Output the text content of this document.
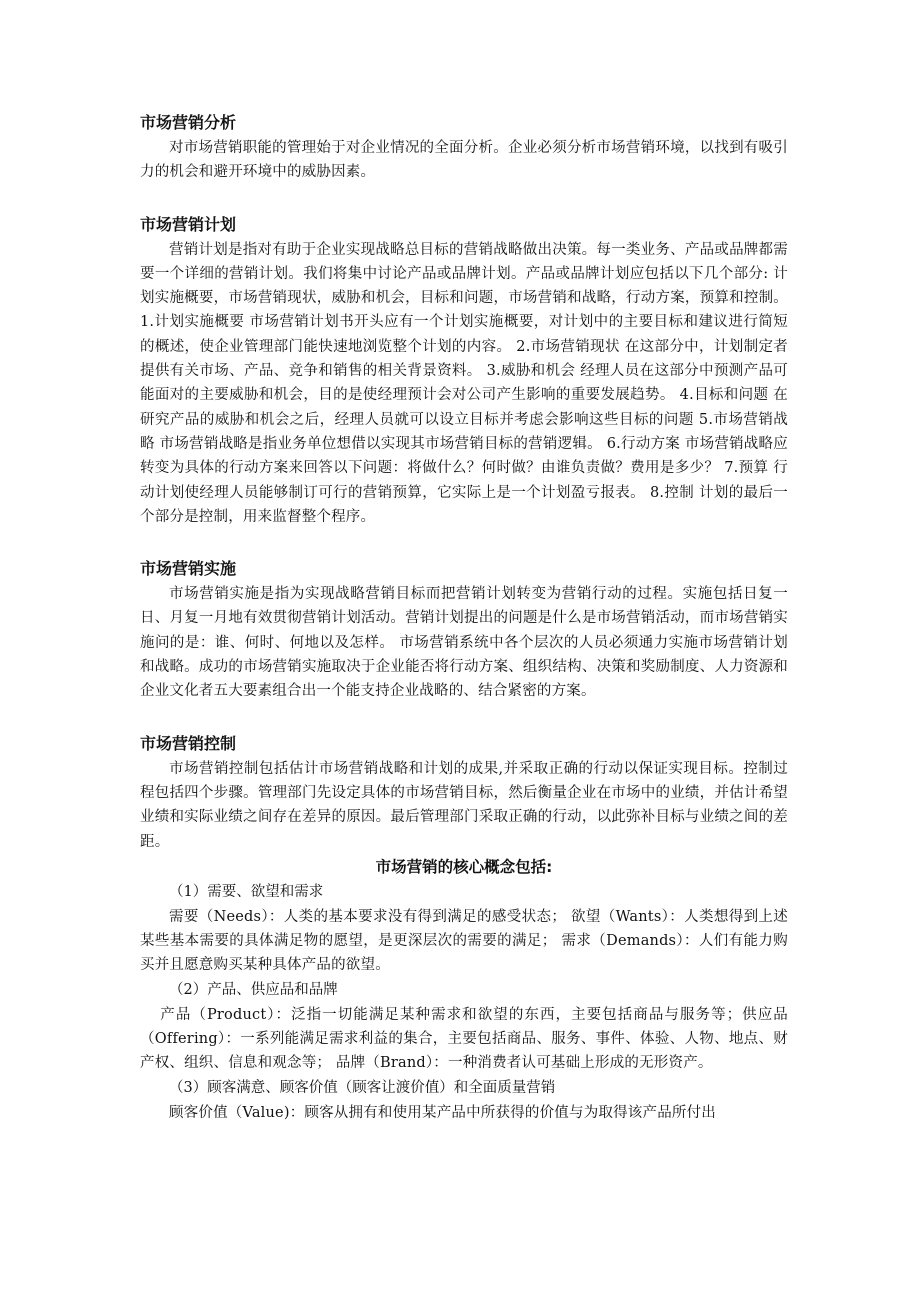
市场营销分析

对市场营销职能的管理始于对企业情况的全面分析。企业必须分析市场营销环境，以找到有吸引力的机会和避开环境中的威胁因素。

市场营销计划

营销计划是指对有助于企业实现战略总目标的营销战略做出决策。每一类业务、产品或品牌都需要一个详细的营销计划。我们将集中讨论产品或品牌计划。产品或品牌计划应包括以下几个部分: 计划实施概要，市场营销现状，威胁和机会，目标和问题，市场营销和战略，行动方案，预算和控制。 1.计划实施概要 市场营销计划书开头应有一个计划实施概要，对计划中的主要目标和建议进行简短的概述，使企业管理部门能快速地浏览整个计划的内容。 2.市场营销现状 在这部分中，计划制定者提供有关市场、产品、竞争和销售的相关背景资料。 3.威胁和机会 经理人员在这部分中预测产品可能面对的主要威胁和机会，目的是使经理预计会对公司产生影响的重要发展趋势。 4.目标和问题 在研究产品的威胁和机会之后，经理人员就可以设立目标并考虑会影响这些目标的问题 5.市场营销战略 市场营销战略是指业务单位想借以实现其市场营销目标的营销逻辑。 6.行动方案 市场营销战略应转变为具体的行动方案来回答以下问题：将做什么？何时做？由谁负责做？费用是多少？ 7.预算 行动计划使经理人员能够制订可行的营销预算，它实际上是一个计划盈亏报表。 8.控制 计划的最后一个部分是控制，用来监督整个程序。

市场营销实施

市场营销实施是指为实现战略营销目标而把营销计划转变为营销行动的过程。实施包括日复一日、月复一月地有效贯彻营销计划活动。营销计划提出的问题是什么是市场营销活动，而市场营销实施问的是：谁、何时、何地以及怎样。 市场营销系统中各个层次的人员必须通力实施市场营销计划和战略。成功的市场营销实施取决于企业能否将行动方案、组织结构、决策和奖励制度、人力资源和企业文化者五大要素组合出一个能支持企业战略的、结合紧密的方案。

市场营销控制

市场营销控制包括估计市场营销战略和计划的成果,并采取正确的行动以保证实现目标。控制过程包括四个步骤。管理部门先设定具体的市场营销目标，然后衡量企业在市场中的业绩，并估计希望业绩和实际业绩之间存在差异的原因。最后管理部门采取正确的行动，以此弥补目标与业绩之间的差距。

市场营销的核心概念包括:

（1）需要、欲望和需求

需要（Needs）：人类的基本要求没有得到满足的感受状态； 欲望（Wants）：人类想得到上述某些基本需要的具体满足物的愿望，是更深层次的需要的满足； 需求（Demands）：人们有能力购买并且愿意购买某种具体产品的欲望。

（2）产品、供应品和品牌

产品（Product）：泛指一切能满足某种需求和欲望的东西，主要包括商品与服务等；供应品（Offering）：一系列能满足需求利益的集合，主要包括商品、服务、事件、体验、人物、地点、财产权、组织、信息和观念等； 品牌（Brand）：一种消费者认可基础上形成的无形资产。

（3）顾客满意、顾客价值（顾客让渡价值）和全面质量营销

顾客价值（Value)：顾客从拥有和使用某产品中所获得的价值与为取得该产品所付出
